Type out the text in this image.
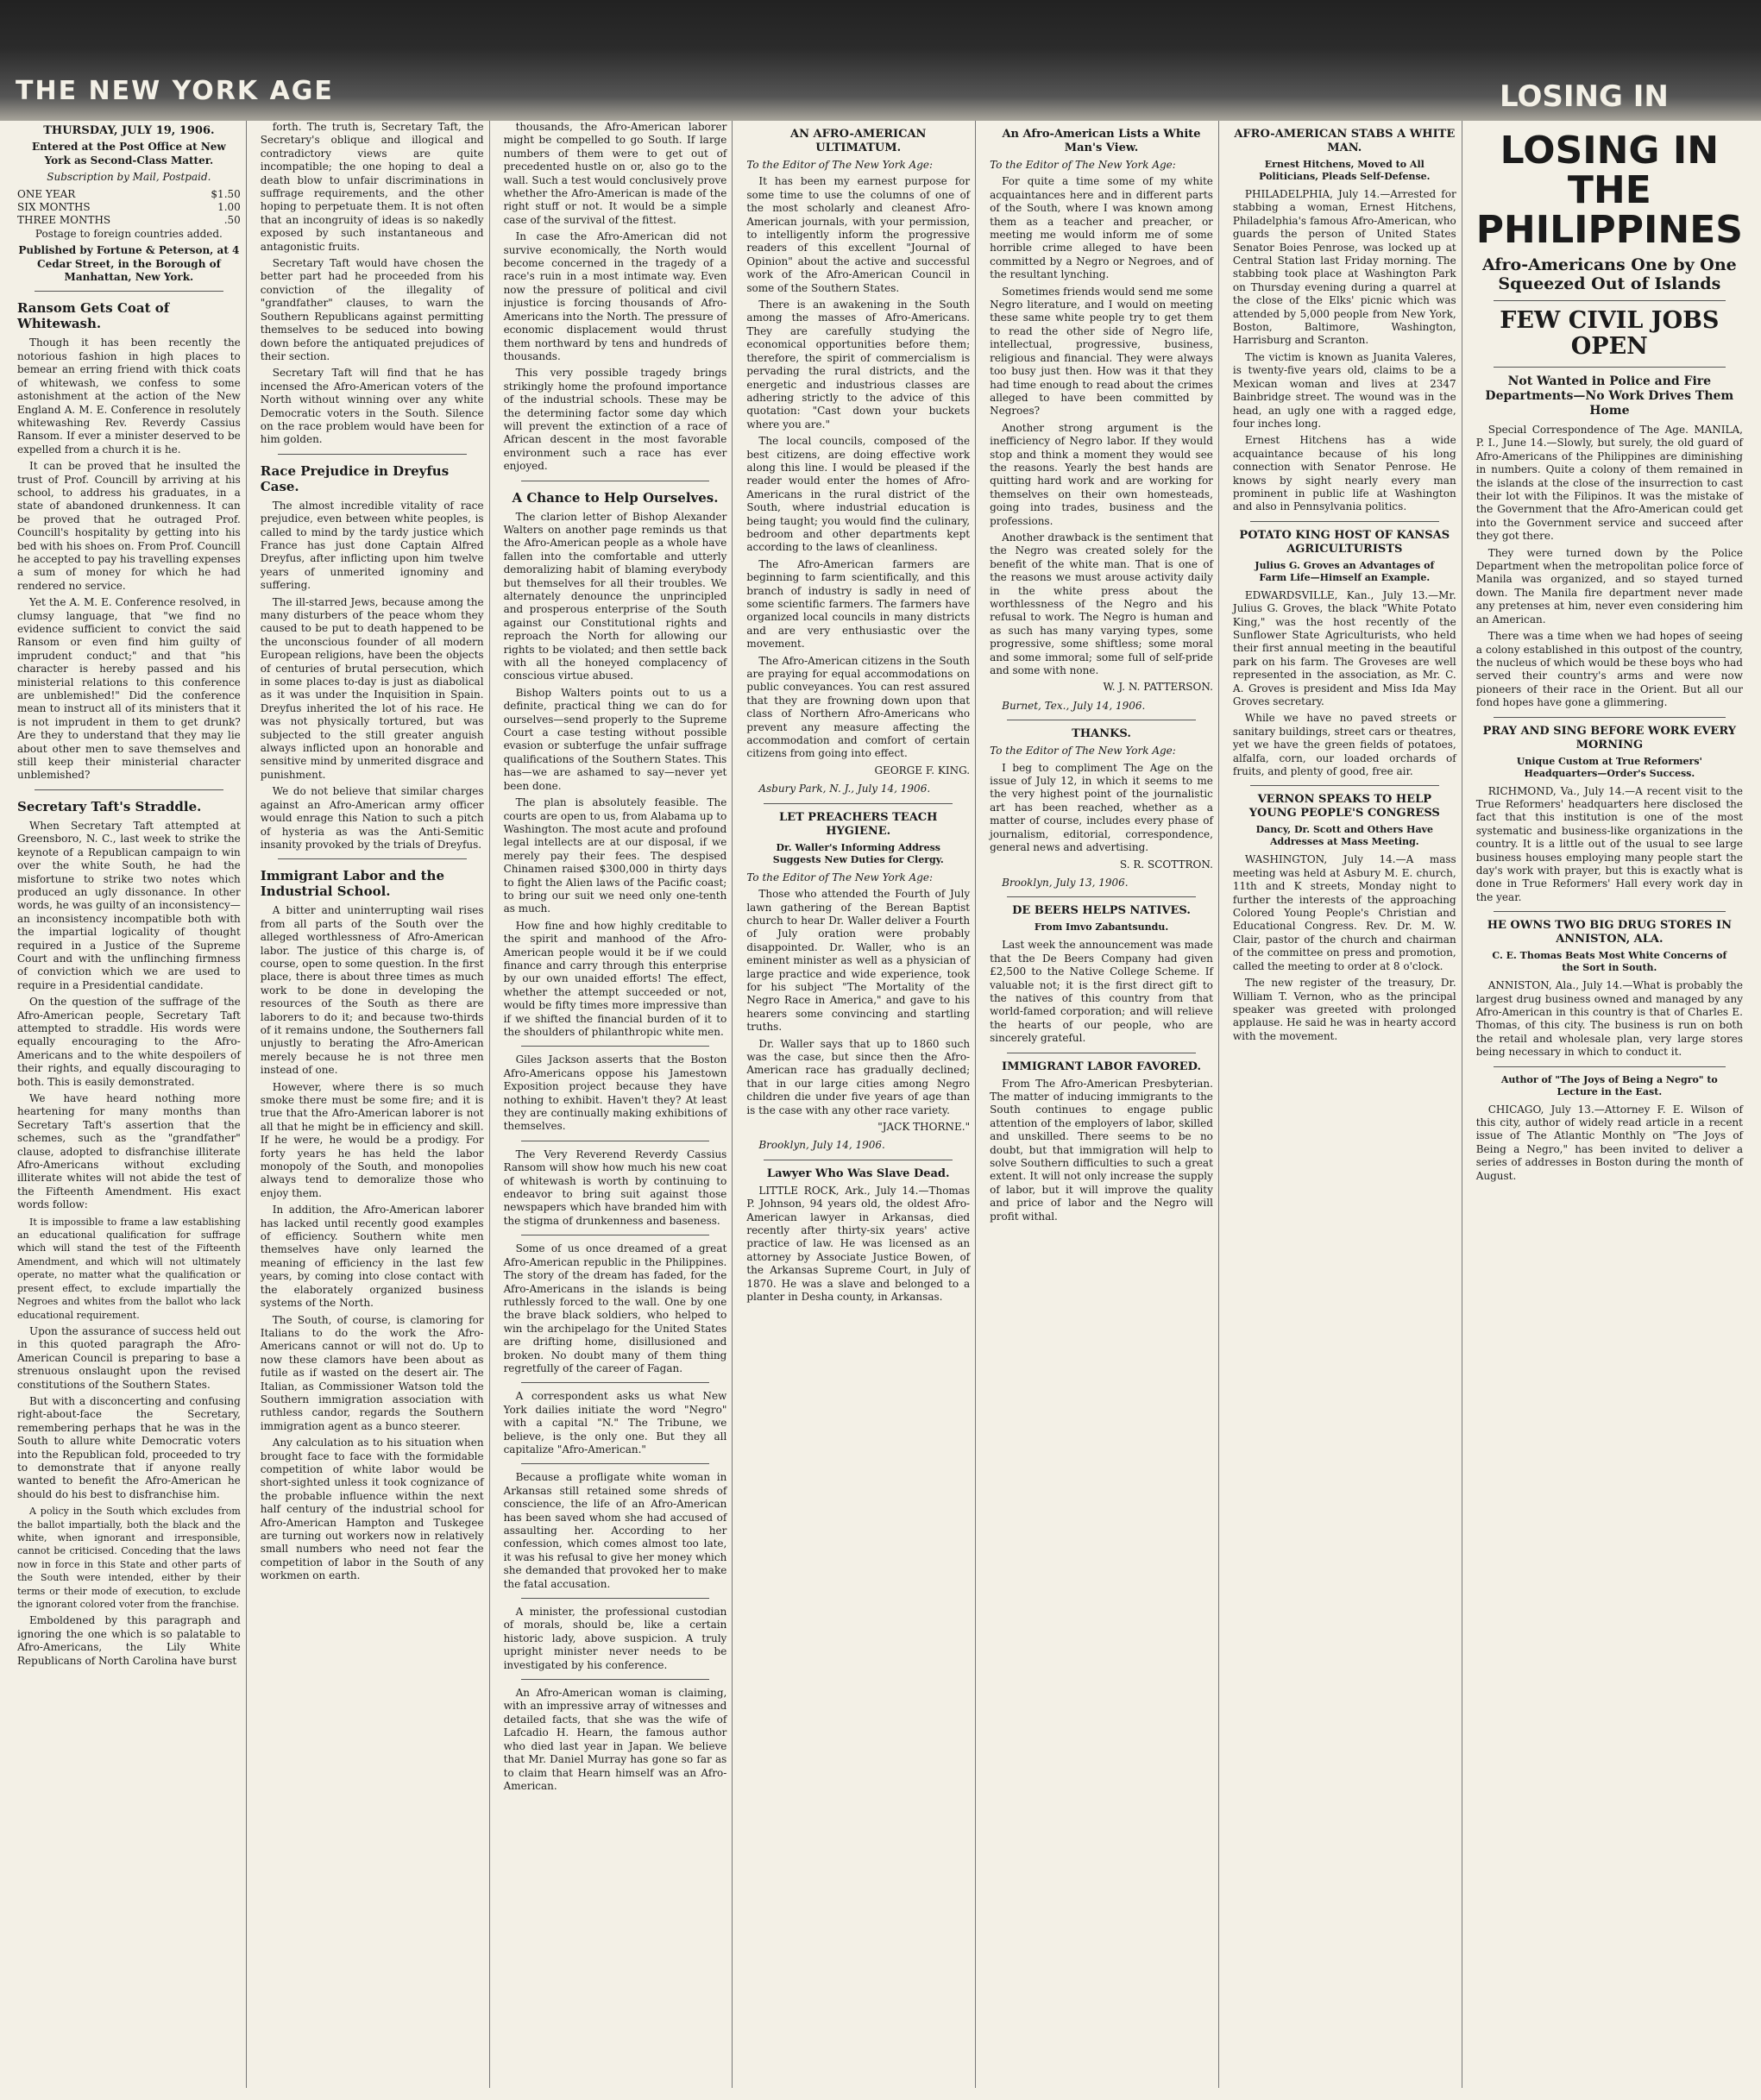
THE NEW YORK AGE	LOSING IN
THURSDAY, JULY 19, 1906.

Entered at the Post Office at New York as Second-Class Matter.

Subscription by Mail, Postpaid.

ONE YEAR	$1.50
SIX MONTHS	1.00
THREE MONTHS	.50

Postage to foreign countries added.

Published by Fortune & Peterson, at 4 Cedar Street, in the Borough of Manhattan, New York.

Ransom Gets Coat of Whitewash.

Though it has been recently the notorious fashion in high places to bemear an erring friend with thick coats of whitewash, we confess to some astonishment at the action of the New England A. M. E. Conference in resolutely whitewashing Rev. Reverdy Cassius Ransom. If ever a minister deserved to be expelled from a church it is he.

It can be proved that he insulted the trust of Prof. Councill by arriving at his school, to address his graduates, in a state of abandoned drunkenness. It can be proved that he outraged Prof. Councill's hospitality by getting into his bed with his shoes on. From Prof. Councill he accepted to pay his travelling expenses a sum of money for which he had rendered no service.

Yet the A. M. E. Conference resolved, in clumsy language, that "we find no evidence sufficient to convict the said Ransom or even find him guilty of imprudent conduct;" and that "his character is hereby passed and his ministerial relations to this conference are unblemished!" Did the conference mean to instruct all of its ministers that it is not imprudent in them to get drunk? Are they to understand that they may lie about other men to save themselves and still keep their ministerial character unblemished?

Secretary Taft's Straddle.

When Secretary Taft attempted at Greensboro, N. C., last week to strike the keynote of a Republican campaign to win over the white South, he had the misfortune to strike two notes which produced an ugly dissonance. In other words, he was guilty of an inconsistency—an inconsistency incompatible both with the impartial logicality of thought required in a Justice of the Supreme Court and with the unflinching firmness of conviction which we are used to require in a Presidential candidate.

On the question of the suffrage of the Afro-American people, Secretary Taft attempted to straddle. His words were equally encouraging to the Afro-Americans and to the white despoilers of their rights, and equally discouraging to both. This is easily demonstrated.

We have heard nothing more heartening for many months than Secretary Taft's assertion that the schemes, such as the "grandfather" clause, adopted to disfranchise illiterate Afro-Americans without excluding illiterate whites will not abide the test of the Fifteenth Amendment. His exact words follow:

It is impossible to frame a law establishing an educational qualification for suffrage which will stand the test of the Fifteenth Amendment, and which will not ultimately operate, no matter what the qualification or present effect, to exclude impartially the Negroes and whites from the ballot who lack educational requirement.

Upon the assurance of success held out in this quoted paragraph the Afro-American Council is preparing to base a strenuous onslaught upon the revised constitutions of the Southern States.

But with a disconcerting and confusing right-about-face the Secretary, remembering perhaps that he was in the South to allure white Democratic voters into the Republican fold, proceeded to try to demonstrate that if anyone really wanted to benefit the Afro-American he should do his best to disfranchise him.

A policy in the South which excludes from the ballot impartially, both the black and the white, when ignorant and irresponsible, cannot be criticised. Conceding that the laws now in force in this State and other parts of the South were intended, either by their terms or their mode of execution, to exclude the ignorant colored voter from the franchise.

Emboldened by this paragraph and ignoring the one which is so palatable to Afro-Americans, the Lily White Republicans of North Carolina have burst

forth. The truth is, Secretary Taft, the Secretary's oblique and illogical and contradictory views are quite incompatible; the one hoping to deal a death blow to unfair discriminations in suffrage requirements, and the other hoping to perpetuate them. It is not often that an incongruity of ideas is so nakedly exposed by such instantaneous and antagonistic fruits.

Secretary Taft would have chosen the better part had he proceeded from his conviction of the illegality of "grandfather" clauses, to warn the Southern Republicans against permitting themselves to be seduced into bowing down before the antiquated prejudices of their section.

Secretary Taft will find that he has incensed the Afro-American voters of the North without winning over any white Democratic voters in the South. Silence on the race problem would have been for him golden.

Race Prejudice in Dreyfus Case.

The almost incredible vitality of race prejudice, even between white peoples, is called to mind by the tardy justice which France has just done Captain Alfred Dreyfus, after inflicting upon him twelve years of unmerited ignominy and suffering.

The ill-starred Jews, because among the many disturbers of the peace whom they caused to be put to death happened to be the unconscious founder of all modern European religions, have been the objects of centuries of brutal persecution, which in some places to-day is just as diabolical as it was under the Inquisition in Spain. Dreyfus inherited the lot of his race. He was not physically tortured, but was subjected to the still greater anguish always inflicted upon an honorable and sensitive mind by unmerited disgrace and punishment.

We do not believe that similar charges against an Afro-American army officer would enrage this Nation to such a pitch of hysteria as was the Anti-Semitic insanity provoked by the trials of Dreyfus.

Immigrant Labor and the Industrial School.

A bitter and uninterrupting wail rises from all parts of the South over the alleged worthlessness of Afro-American labor. The justice of this charge is, of course, open to some question. In the first place, there is about three times as much work to be done in developing the resources of the South as there are laborers to do it; and because two-thirds of it remains undone, the Southerners fall unjustly to berating the Afro-American merely because he is not three men instead of one.

However, where there is so much smoke there must be some fire; and it is true that the Afro-American laborer is not all that he might be in efficiency and skill. If he were, he would be a prodigy. For forty years he has held the labor monopoly of the South, and monopolies always tend to demoralize those who enjoy them.

In addition, the Afro-American laborer has lacked until recently good examples of efficiency. Southern white men themselves have only learned the meaning of efficiency in the last few years, by coming into close contact with the elaborately organized business systems of the North.

The South, of course, is clamoring for Italians to do the work the Afro-Americans cannot or will not do. Up to now these clamors have been about as futile as if wasted on the desert air. The Italian, as Commissioner Watson told the Southern immigration association with ruthless candor, regards the Southern immigration agent as a bunco steerer.

Any calculation as to his situation when brought face to face with the formidable competition of white labor would be short-sighted unless it took cognizance of the probable influence within the next half century of the industrial school for Afro-American Hampton and Tuskegee are turning out workers now in relatively small numbers who need not fear the competition of labor in the South of any workmen on earth.

thousands, the Afro-American laborer might be compelled to go South. If large numbers of them were to get out of precedented hustle on or, also go to the wall. Such a test would conclusively prove whether the Afro-American is made of the right stuff or not. It would be a simple case of the survival of the fittest.

In case the Afro-American did not survive economically, the North would become concerned in the tragedy of a race's ruin in a most intimate way. Even now the pressure of political and civil injustice is forcing thousands of Afro-Americans into the North. The pressure of economic displacement would thrust them northward by tens and hundreds of thousands.

This very possible tragedy brings strikingly home the profound importance of the industrial schools. These may be the determining factor some day which will prevent the extinction of a race of African descent in the most favorable environment such a race has ever enjoyed.

A Chance to Help Ourselves.

The clarion letter of Bishop Alexander Walters on another page reminds us that the Afro-American people as a whole have fallen into the comfortable and utterly demoralizing habit of blaming everybody but themselves for all their troubles. We alternately denounce the unprincipled and prosperous enterprise of the South against our Constitutional rights and reproach the North for allowing our rights to be violated; and then settle back with all the honeyed complacency of conscious virtue abused.

Bishop Walters points out to us a definite, practical thing we can do for ourselves—send properly to the Supreme Court a case testing without possible evasion or subterfuge the unfair suffrage qualifications of the Southern States. This has—we are ashamed to say—never yet been done.

The plan is absolutely feasible. The courts are open to us, from Alabama up to Washington. The most acute and profound legal intellects are at our disposal, if we merely pay their fees. The despised Chinamen raised $300,000 in thirty days to fight the Alien laws of the Pacific coast; to bring our suit we need only one-tenth as much.

How fine and how highly creditable to the spirit and manhood of the Afro-American people would it be if we could finance and carry through this enterprise by our own unaided efforts! The effect, whether the attempt succeeded or not, would be fifty times more impressive than if we shifted the financial burden of it to the shoulders of philanthropic white men.

Giles Jackson asserts that the Boston Afro-Americans oppose his Jamestown Exposition project because they have nothing to exhibit. Haven't they? At least they are continually making exhibitions of themselves.

The Very Reverend Reverdy Cassius Ransom will show how much his new coat of whitewash is worth by continuing to endeavor to bring suit against those newspapers which have branded him with the stigma of drunkenness and baseness.

Some of us once dreamed of a great Afro-American republic in the Philippines. The story of the dream has faded, for the Afro-Americans in the islands is being ruthlessly forced to the wall. One by one the brave black soldiers, who helped to win the archipelago for the United States are drifting home, disillusioned and broken. No doubt many of them thing regretfully of the career of Fagan.

A correspondent asks us what New York dailies initiate the word "Negro" with a capital "N." The Tribune, we believe, is the only one. But they all capitalize "Afro-American."

Because a profligate white woman in Arkansas still retained some shreds of conscience, the life of an Afro-American has been saved whom she had accused of assaulting her. According to her confession, which comes almost too late, it was his refusal to give her money which she demanded that provoked her to make the fatal accusation.

A minister, the professional custodian of morals, should be, like a certain historic lady, above suspicion. A truly upright minister never needs to be investigated by his conference.

An Afro-American woman is claiming, with an impressive array of witnesses and detailed facts, that she was the wife of Lafcadio H. Hearn, the famous author who died last year in Japan. We believe that Mr. Daniel Murray has gone so far as to claim that Hearn himself was an Afro-American.

AN AFRO-AMERICAN ULTIMATUM.

To the Editor of The New York Age:

It has been my earnest purpose for some time to use the columns of one of the most scholarly and cleanest Afro-American journals, with your permission, to intelligently inform the progressive readers of this excellent "Journal of Opinion" about the active and successful work of the Afro-American Council in some of the Southern States.

There is an awakening in the South among the masses of Afro-Americans. They are carefully studying the economical opportunities before them; therefore, the spirit of commercialism is pervading the rural districts, and the energetic and industrious classes are adhering strictly to the advice of this quotation: "Cast down your buckets where you are."

The local councils, composed of the best citizens, are doing effective work along this line. I would be pleased if the reader would enter the homes of Afro-Americans in the rural district of the South, where industrial education is being taught; you would find the culinary, bedroom and other departments kept according to the laws of cleanliness.

The Afro-American farmers are beginning to farm scientifically, and this branch of industry is sadly in need of some scientific farmers. The farmers have organized local councils in many districts and are very enthusiastic over the movement.

The Afro-American citizens in the South are praying for equal accommodations on public conveyances. You can rest assured that they are frowning down upon that class of Northern Afro-Americans who prevent any measure affecting the accommodation and comfort of certain citizens from going into effect.

GEORGE F. KING.

Asbury Park, N. J., July 14, 1906.

LET PREACHERS TEACH HYGIENE.
Dr. Waller's Informing Address Suggests New Duties for Clergy.

To the Editor of The New York Age:

Those who attended the Fourth of July lawn gathering of the Berean Baptist church to hear Dr. Waller deliver a Fourth of July oration were probably disappointed. Dr. Waller, who is an eminent minister as well as a physician of large practice and wide experience, took for his subject "The Mortality of the Negro Race in America," and gave to his hearers some convincing and startling truths.

Dr. Waller says that up to 1860 such was the case, but since then the Afro-American race has gradually declined; that in our large cities among Negro children die under five years of age than is the case with any other race variety.

"JACK THORNE."

Brooklyn, July 14, 1906.

Lawyer Who Was Slave Dead.

LITTLE ROCK, Ark., July 14.—Thomas P. Johnson, 94 years old, the oldest Afro-American lawyer in Arkansas, died recently after thirty-six years' active practice of law. He was licensed as an attorney by Associate Justice Bowen, of the Arkansas Supreme Court, in July of 1870. He was a slave and belonged to a planter in Desha county, in Arkansas.

An Afro-American Lists a White Man's View.

To the Editor of The New York Age:

For quite a time some of my white acquaintances here and in different parts of the South, where I was known among them as a teacher and preacher, or meeting me would inform me of some horrible crime alleged to have been committed by a Negro or Negroes, and of the resultant lynching.

Sometimes friends would send me some Negro literature, and I would on meeting these same white people try to get them to read the other side of Negro life, intellectual, progressive, business, religious and financial. They were always too busy just then. How was it that they had time enough to read about the crimes alleged to have been committed by Negroes?

Another strong argument is the inefficiency of Negro labor. If they would stop and think a moment they would see the reasons. Yearly the best hands are quitting hard work and are working for themselves on their own homesteads, going into trades, business and the professions.

Another drawback is the sentiment that the Negro was created solely for the benefit of the white man. That is one of the reasons we must arouse activity daily in the white press about the worthlessness of the Negro and his refusal to work. The Negro is human and as such has many varying types, some progressive, some shiftless; some moral and some immoral; some full of self-pride and some with none.

W. J. N. PATTERSON.

Burnet, Tex., July 14, 1906.

THANKS.

To the Editor of The New York Age:

I beg to compliment The Age on the issue of July 12, in which it seems to me the very highest point of the journalistic art has been reached, whether as a matter of course, includes every phase of journalism, editorial, correspondence, general news and advertising.

S. R. SCOTTRON.

Brooklyn, July 13, 1906.

DE BEERS HELPS NATIVES.
From Imvo Zabantsundu.

Last week the announcement was made that the De Beers Company had given £2,500 to the Native College Scheme. If valuable not; it is the first direct gift to the natives of this country from that world-famed corporation; and will relieve the hearts of our people, who are sincerely grateful.

IMMIGRANT LABOR FAVORED.

From The Afro-American Presbyterian. The matter of inducing immigrants to the South continues to engage public attention of the employers of labor, skilled and unskilled. There seems to be no doubt, but that immigration will help to solve Southern difficulties to such a great extent. It will not only increase the supply of labor, but it will improve the quality and price of labor and the Negro will profit withal.

AFRO-AMERICAN STABS A WHITE MAN.
Ernest Hitchens, Moved to All Politicians, Pleads Self-Defense.

PHILADELPHIA, July 14.—Arrested for stabbing a woman, Ernest Hitchens, Philadelphia's famous Afro-American, who guards the person of United States Senator Boies Penrose, was locked up at Central Station last Friday morning. The stabbing took place at Washington Park on Thursday evening during a quarrel at the close of the Elks' picnic which was attended by 5,000 people from New York, Boston, Baltimore, Washington, Harrisburg and Scranton.

The victim is known as Juanita Valeres, is twenty-five years old, claims to be a Mexican woman and lives at 2347 Bainbridge street. The wound was in the head, an ugly one with a ragged edge, four inches long.

Ernest Hitchens has a wide acquaintance because of his long connection with Senator Penrose. He knows by sight nearly every man prominent in public life at Washington and also in Pennsylvania politics.

POTATO KING HOST OF KANSAS AGRICULTURISTS
Julius G. Groves an Advantages of Farm Life—Himself an Example.

EDWARDSVILLE, Kan., July 13.—Mr. Julius G. Groves, the black "White Potato King," was the host recently of the Sunflower State Agriculturists, who held their first annual meeting in the beautiful park on his farm. The Groveses are well represented in the association, as Mr. C. A. Groves is president and Miss Ida May Groves secretary.

While we have no paved streets or sanitary buildings, street cars or theatres, yet we have the green fields of potatoes, alfalfa, corn, our loaded orchards of fruits, and plenty of good, free air.

VERNON SPEAKS TO HELP YOUNG PEOPLE'S CONGRESS
Dancy, Dr. Scott and Others Have Addresses at Mass Meeting.

WASHINGTON, July 14.—A mass meeting was held at Asbury M. E. church, 11th and K streets, Monday night to further the interests of the approaching Colored Young People's Christian and Educational Congress. Rev. Dr. M. W. Clair, pastor of the church and chairman of the committee on press and promotion, called the meeting to order at 8 o'clock.

The new register of the treasury, Dr. William T. Vernon, who as the principal speaker was greeted with prolonged applause. He said he was in hearty accord with the movement.

LOSING IN THE PHILIPPINES
Afro-Americans One by One Squeezed Out of Islands
FEW CIVIL JOBS OPEN
Not Wanted in Police and Fire Departments—No Work Drives Them Home

Special Correspondence of The Age. MANILA, P. I., June 14.—Slowly, but surely, the old guard of Afro-Americans of the Philippines are diminishing in numbers. Quite a colony of them remained in the islands at the close of the insurrection to cast their lot with the Filipinos. It was the mistake of the Government that the Afro-American could get into the Government service and succeed after they got there.

They were turned down by the Police Department when the metropolitan police force of Manila was organized, and so stayed turned down. The Manila fire department never made any pretenses at him, never even considering him an American.

There was a time when we had hopes of seeing a colony established in this outpost of the country, the nucleus of which would be these boys who had served their country's arms and were now pioneers of their race in the Orient. But all our fond hopes have gone a glimmering.

PRAY AND SING BEFORE WORK EVERY MORNING
Unique Custom at True Reformers' Headquarters—Order's Success.

RICHMOND, Va., July 14.—A recent visit to the True Reformers' headquarters here disclosed the fact that this institution is one of the most systematic and business-like organizations in the country. It is a little out of the usual to see large business houses employing many people start the day's work with prayer, but this is exactly what is done in True Reformers' Hall every work day in the year.

HE OWNS TWO BIG DRUG STORES IN ANNISTON, ALA.
C. E. Thomas Beats Most White Concerns of the Sort in South.

ANNISTON, Ala., July 14.—What is probably the largest drug business owned and managed by any Afro-American in this country is that of Charles E. Thomas, of this city. The business is run on both the retail and wholesale plan, very large stores being necessary in which to conduct it.

Author of "The Joys of Being a Negro" to Lecture in the East.

CHICAGO, July 13.—Attorney F. E. Wilson of this city, author of widely read article in a recent issue of The Atlantic Monthly on "The Joys of Being a Negro," has been invited to deliver a series of addresses in Boston during the month of August.
